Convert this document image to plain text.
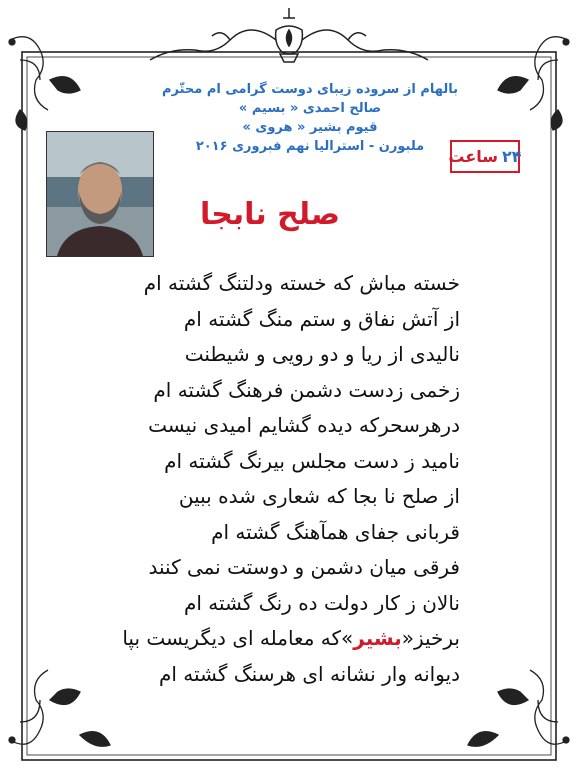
بالهام از سروده زیبای دوست گرامی ام محتّرم
صالح احمدی « بسیم »
قیوم بشیر « هروی »
ملبورن - استرالیا نهم فبروری ۲۰۱۶
۲۴
ساعت
صلح نابجا
خسته مباش که خسته ودلتنگ گشته ام
از آتش نفاق و ستم منگ گشته ام
نالیدی از ریا و دو رویی و شیطنت
زخمی زدست دشمن فرهنگ گشته ام
درهرسحرکه دیده گشایم امیدی نیست
نامید ز دست مجلس بیرنگ گشته ام
از صلح نا بجا که شعاری شده ببین
قربانی جفای همآهنگ گشته ام
فرقی میان دشمن و دوستت نمی کنند
نالان ز کار دولت ده رنگ گشته ام
برخیز«بشیر»که معامله ای دیگریست بپا
دیوانه وار نشانه ای هرسنگ گشته ام
